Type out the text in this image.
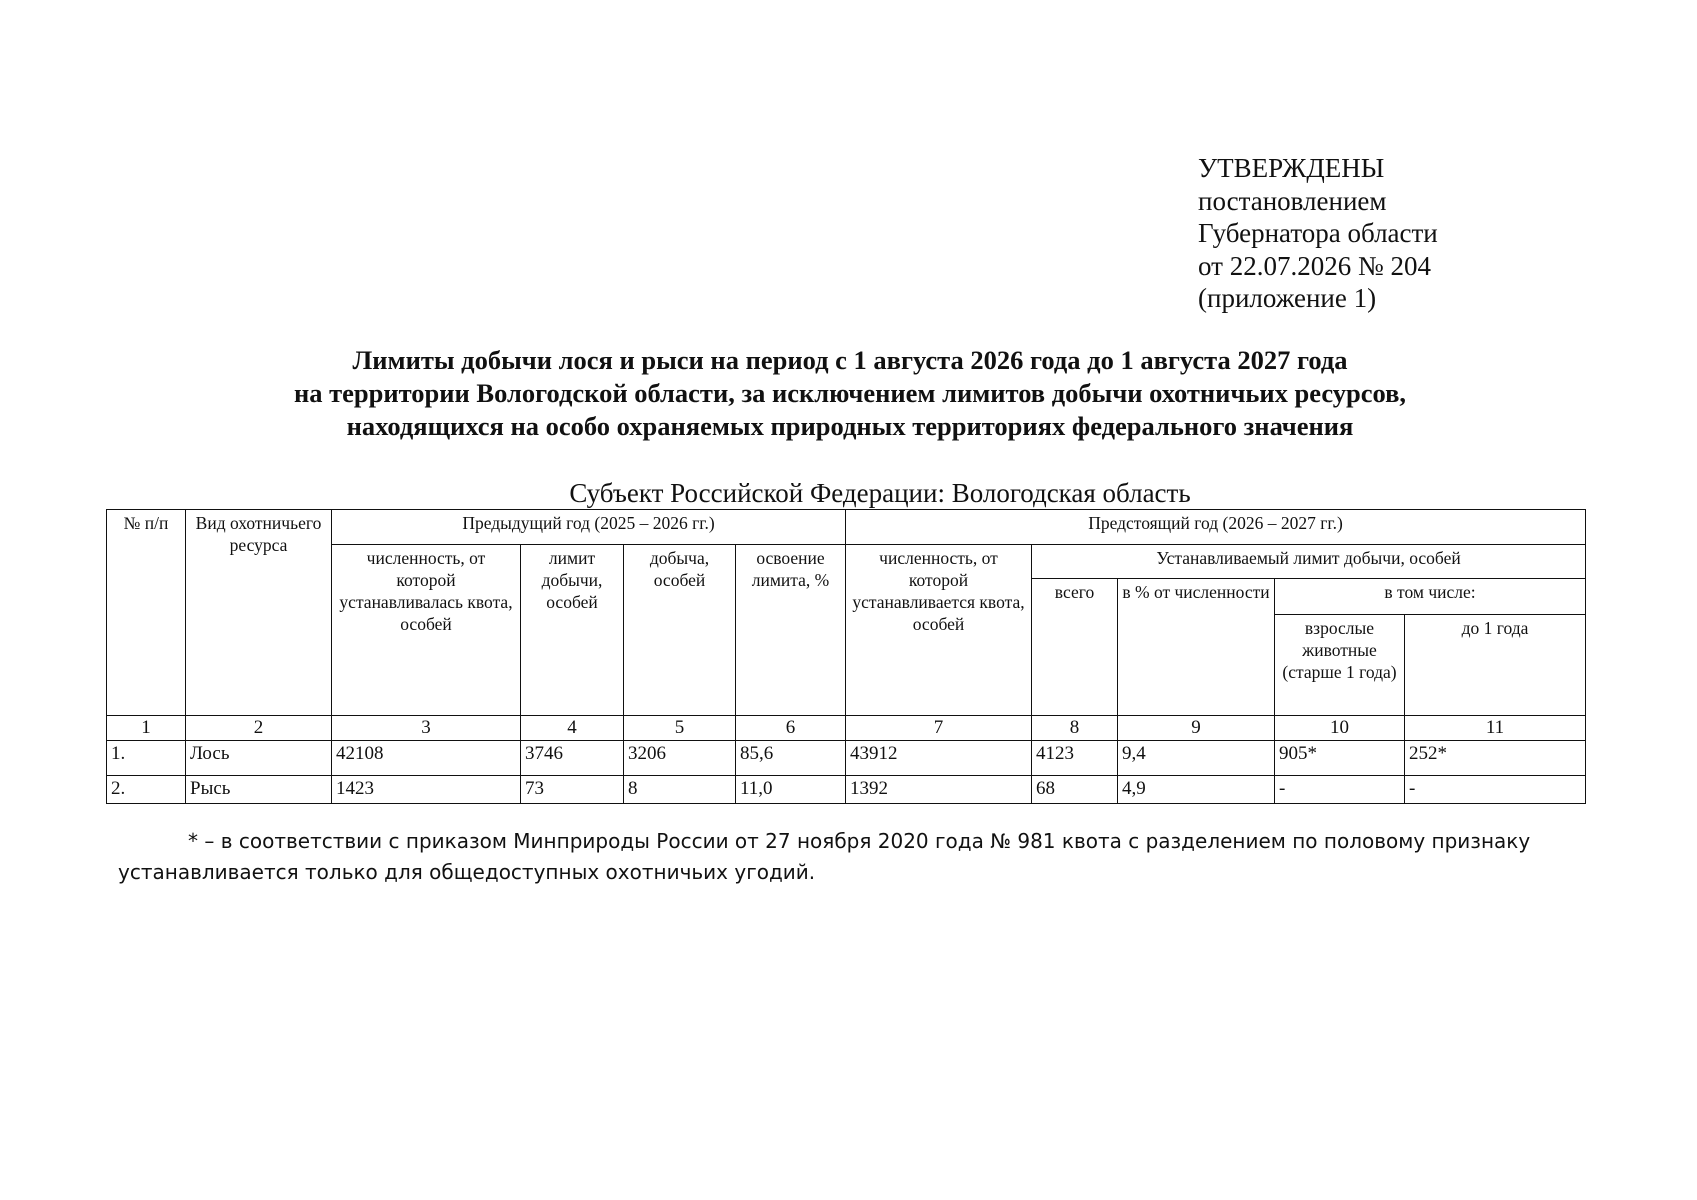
УТВЕРЖДЕНЫ
постановлением
Губернатора области
от 22.07.2026 № 204
(приложение 1)
Лимиты добычи лося и рыси на период с 1 августа 2026 года до 1 августа 2027 года
на территории Вологодской области, за исключением лимитов добычи охотничьих ресурсов,
находящихся на особо охраняемых природных территориях федерального значения
Субъект Российской Федерации: Вологодская область
№ п/п	Вид охотничьего ресурса	Предыдущий год (2025 – 2026 гг.)				Предстоящий год (2026 – 2027 гг.)				
		численность, от которой устанавливалась квота, особей	лимит добычи, особей	добыча, особей	освоение лимита, %	численность, от которой устанавливается квота, особей	Устанавливаемый лимит добычи, особей			
							всего	в % от численности	в том числе:	
									взрослые животные (старше 1 года)	до 1 года
1	2	3	4	5	6	7	8	9	10	11
1.	Лось	42108	3746	3206	85,6	43912	4123	9,4	905*	252*
2.	Рысь	1423	73	8	11,0	1392	68	4,9	-	-
* – в соответствии с приказом Минприроды России от 27 ноября 2020 года № 981 квота с разделением по половому признаку
устанавливается только для общедоступных охотничьих угодий.
